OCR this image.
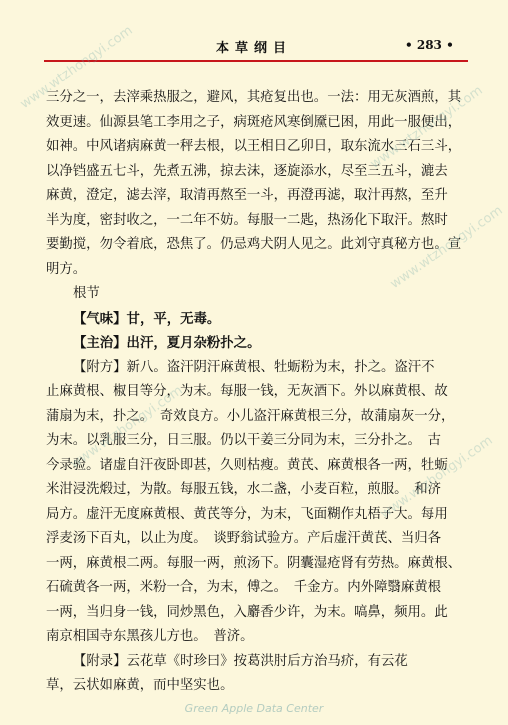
本草纲目	• 283 •
三分之一，去滓乘热服之，避风，其疮复出也。一法：用无灰酒煎，其
效更速。仙源县笔工李用之子，病斑疮风寒倒黡已困，用此一服便出，
如神。中风诸病麻黄一秤去根，以王相日乙卯日，取东流水三石三斗，
以净铛盛五七斗，先煮五沸，掠去沫，逐旋添水，尽至三五斗，漉去
麻黄，澄定，滤去滓，取清再熬至一斗，再澄再滤，取汁再熬，至升
半为度，密封收之，一二年不妨。每服一二匙，热汤化下取汗。熬时
要勤搅，勿令着底，恐焦了。仍忌鸡犬阴人见之。此刘守真秘方也。宣
明方。
根节
【气味】甘，平，无毒。
【主治】出汗，夏月杂粉扑之。
【附方】新八。盗汗阴汗麻黄根、牡蛎粉为末，扑之。盗汗不
止麻黄根、椒目等分，为末。每服一钱，无灰酒下。外以麻黄根、故
蒲扇为末，扑之。　奇效良方。小儿盗汗麻黄根三分，故蒲扇灰一分，
为末。以乳服三分，日三服。仍以干姜三分同为末，三分扑之。　古
今录验。诸虚自汗夜卧即甚，久则枯瘦。黄芪、麻黄根各一两，牡蛎
米泔浸洗煅过，为散。每服五钱，水二盏，小麦百粒，煎服。　和济
局方。虚汗无度麻黄根、黄芪等分，为末，飞面糊作丸梧子大。每用
浮麦汤下百丸，以止为度。　谈野翁试验方。产后虚汗黄芪、当归各
一两，麻黄根二两。每服一两，煎汤下。阴囊湿疮肾有劳热。麻黄根、
石硫黄各一两，米粉一合，为末，傅之。　千金方。内外障翳麻黄根
一两，当归身一钱，同炒黑色，入麝香少许，为末。嗃鼻，频用。此
南京相国寺东黑孩儿方也。　普济。
【附录】云花草《时珍曰》按葛洪肘后方治马疥，有云花
草，云状如麻黄，而中坚实也。
www.wtzhongyi.com
www.wtzhongyi.com
www.wtzhongyi.com
www.wtzhongyi.com
www.wtzhongyi.com
Green Apple Data Center
